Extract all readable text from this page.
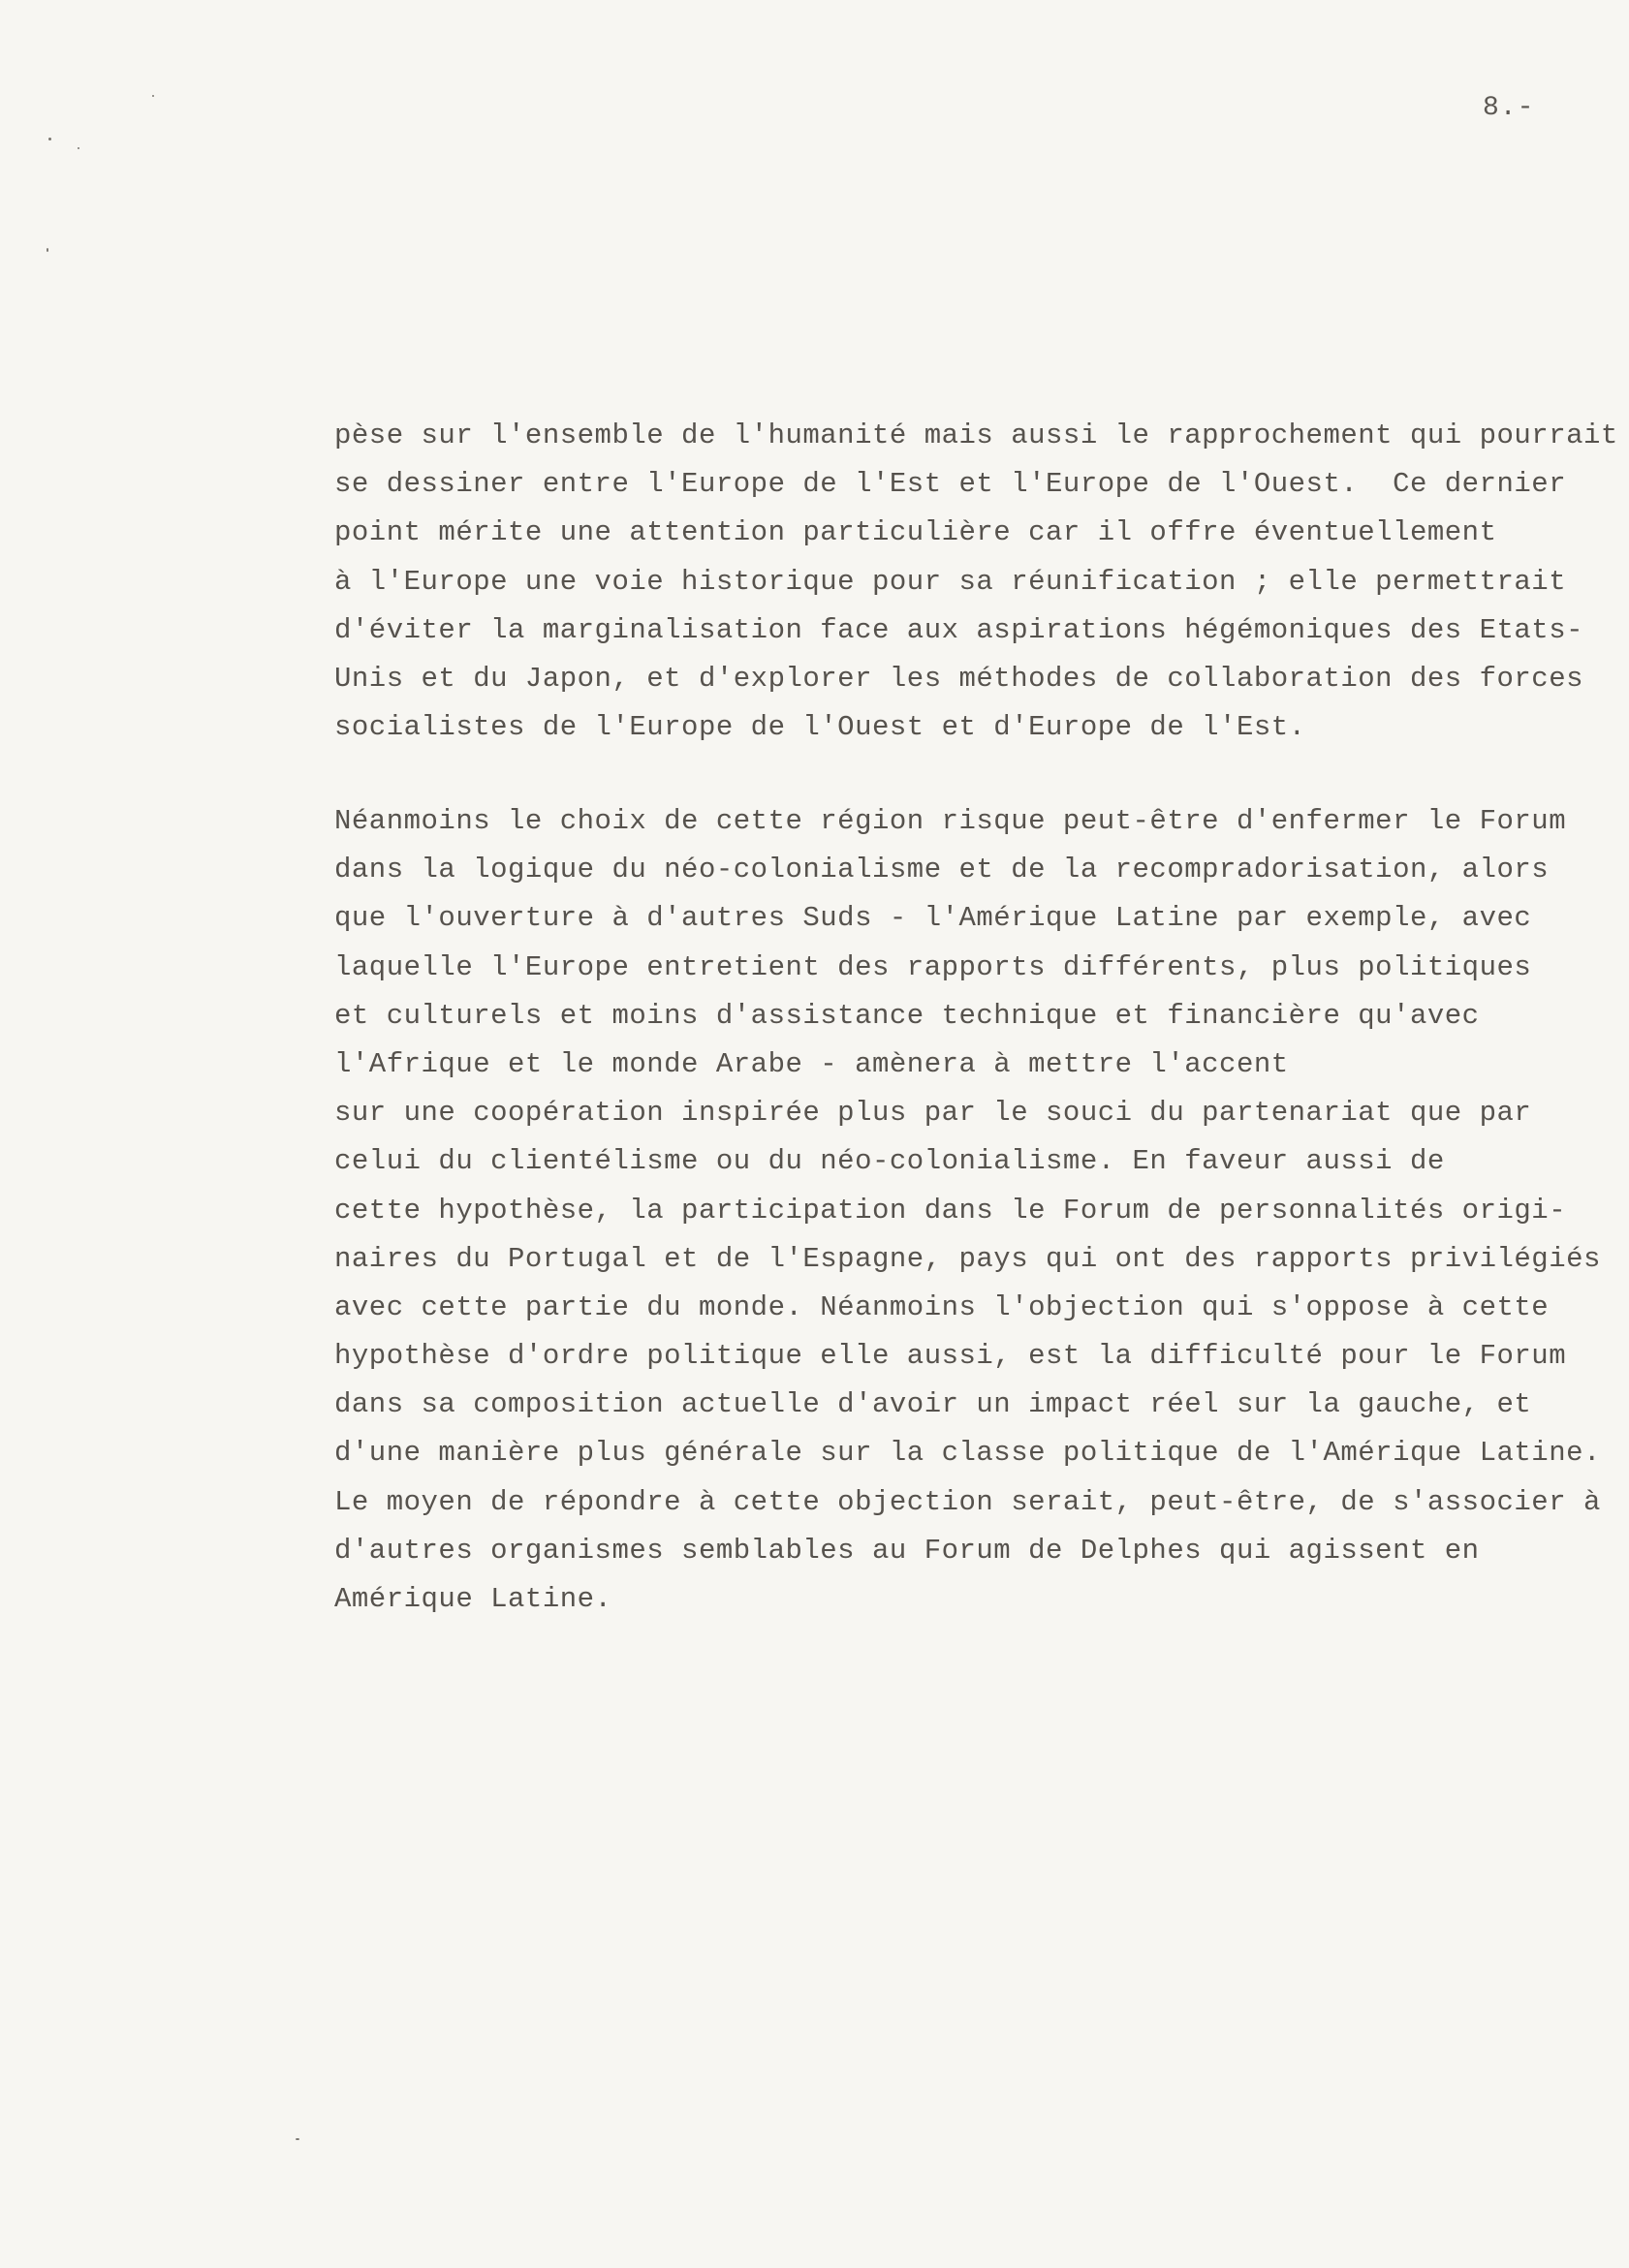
8.-
pèse sur l'ensemble de l'humanité mais aussi le rapprochement qui pourrait
se dessiner entre l'Europe de l'Est et l'Europe de l'Ouest.  Ce dernier
point mérite une attention particulière car il offre éventuellement
à l'Europe une voie historique pour sa réunification ; elle permettrait
d'éviter la marginalisation face aux aspirations hégémoniques des Etats-
Unis et du Japon, et d'explorer les méthodes de collaboration des forces
socialistes de l'Europe de l'Ouest et d'Europe de l'Est.
Néanmoins le choix de cette région risque peut-être d'enfermer le Forum
dans la logique du néo-colonialisme et de la recompradorisation, alors
que l'ouverture à d'autres Suds - l'Amérique Latine par exemple, avec
laquelle l'Europe entretient des rapports différents, plus politiques
et culturels et moins d'assistance technique et financière qu'avec
l'Afrique et le monde Arabe - amènera à mettre l'accent
sur une coopération inspirée plus par le souci du partenariat que par
celui du clientélisme ou du néo-colonialisme. En faveur aussi de
cette hypothèse, la participation dans le Forum de personnalités origi-
naires du Portugal et de l'Espagne, pays qui ont des rapports privilégiés
avec cette partie du monde. Néanmoins l'objection qui s'oppose à cette
hypothèse d'ordre politique elle aussi, est la difficulté pour le Forum
dans sa composition actuelle d'avoir un impact réel sur la gauche, et
d'une manière plus générale sur la classe politique de l'Amérique Latine.
Le moyen de répondre à cette objection serait, peut-être, de s'associer à
d'autres organismes semblables au Forum de Delphes qui agissent en
Amérique Latine.
